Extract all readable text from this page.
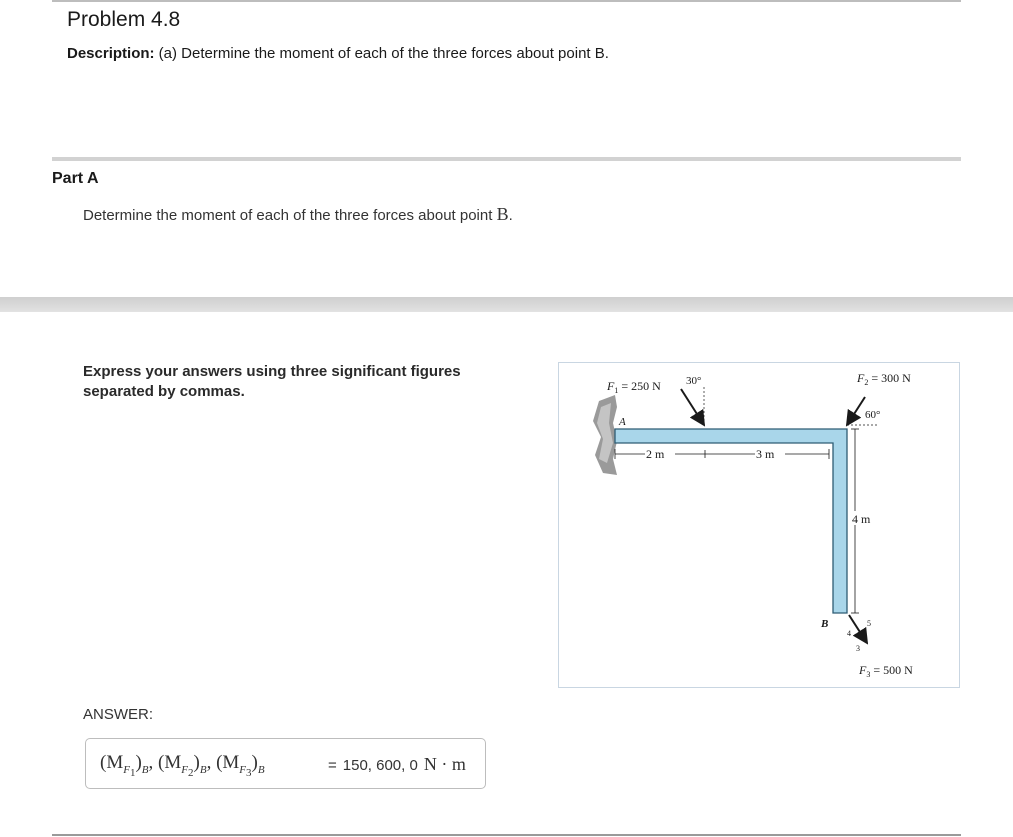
Problem 4.8
Description: (a) Determine the moment of each of the three forces about point B.
Part A
Determine the moment of each of the three forces about point B.
Express your answers using three significant figures separated by commas.
2 m	3 m
4 m
A
B
$F_1 = 250$ N 30°	$F_2 = 300$ N
60°
5
4
3
$F_3 = 500$ N
ANSWER:
$(M_{F_1})_B$, $(M_{F_2})_B$, $(M_{F_3})_B$	= 150, 600, 0 N · m
